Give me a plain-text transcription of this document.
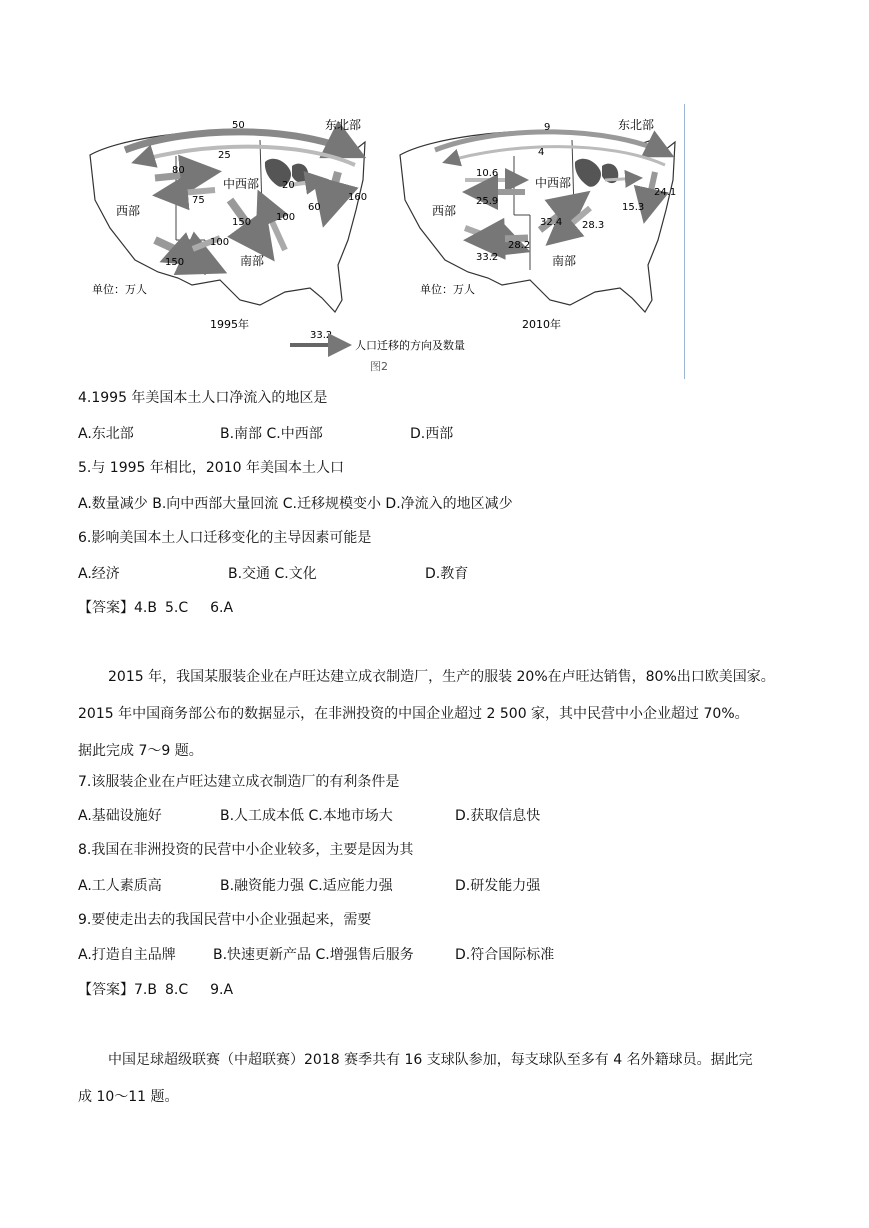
东北部
中西部
西部
南部
50
25
80
75
20
60
160
150 100
100
150
单位：万人
1995年
东北部
中西部
西部
南部
9
4
10.6
25.9
32.4 28.3
28.2
33.2
15.3
24.1
单位：万人
2010年
33.2
人口迁移的方向及数量
图2
4.1995 年美国本土人口净流入的地区是
A.东北部	B.南部 C.中西部	D.西部
5.与 1995 年相比，2010 年美国本土人口
A.数量减少 B.向中西部大量回流 C.迁移规模变小 D.净流入的地区减少
6.影响美国本土人口迁移变化的主导因素可能是
A.经济	B.交通 C.文化	D.教育
【答案】4.B 5.C 6.A
2015 年，我国某服装企业在卢旺达建立成衣制造厂，生产的服装 20%在卢旺达销售，80%出口欧美国家。
2015 年中国商务部公布的数据显示，在非洲投资的中国企业超过 2 500 家，其中民营中小企业超过 70%。
据此完成 7～9 题。
7.该服装企业在卢旺达建立成衣制造厂的有利条件是
A.基础设施好	B.人工成本低 C.本地市场大	D.获取信息快
8.我国在非洲投资的民营中小企业较多，主要是因为其
A.工人素质高	B.融资能力强 C.适应能力强	D.研发能力强
9.要使走出去的我国民营中小企业强起来，需要
A.打造自主品牌	B.快速更新产品 C.增强售后服务	D.符合国际标准
【答案】7.B 8.C 9.A
中国足球超级联赛（中超联赛）2018 赛季共有 16 支球队参加，每支球队至多有 4 名外籍球员。据此完
成 10～11 题。
